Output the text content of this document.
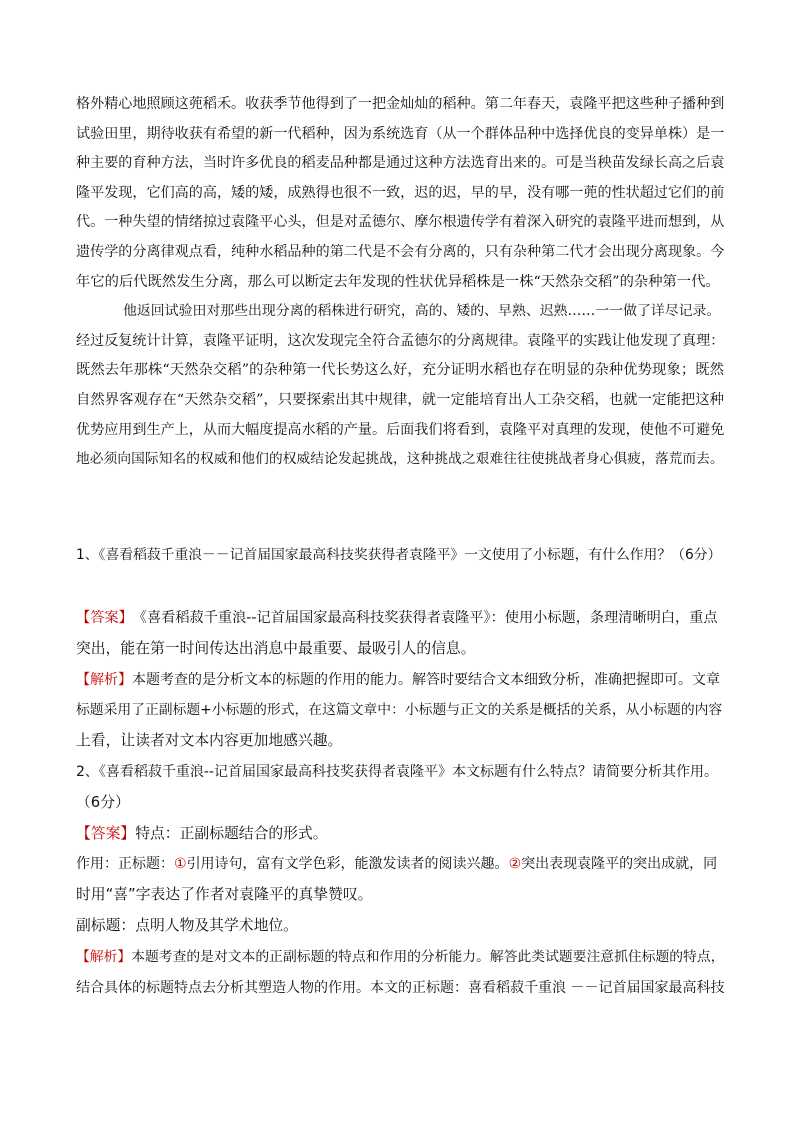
格 外 精 心 地 照 顾 这 蔸 稻 禾 。 收 获 季 节 他 得 到 了 一 把 金 灿 灿 的 稻 种 。 第 二 年 春 天 ， 袁 隆 平 把 这 些 种 子 播 种 到
试 验 田 里 ， 期 待 收 获 有 希 望 的 新 一 代 稻 种 ， 因 为 系 统 选 育 （ 从 一 个 群 体 品 种 中 选 择 优 良 的 变 异 单 株 ） 是 一
种 主 要 的 育 种 方 法 ， 当 时 许 多 优 良 的 稻 麦 品 种 都 是 通 过 这 种 方 法 选 育 出 来 的 。 可 是 当 秧 苗 发 绿 长 高 之 后 袁
隆 平 发 现 ， 它 们 高 的 高 ， 矮 的 矮 ， 成 熟 得 也 很 不 一 致 ， 迟 的 迟 ， 早 的 早 ， 没 有 哪 一 蔸 的 性 状 超 过 它 们 的 前
代 。 一 种 失 望 的 情 绪 掠 过 袁 隆 平 心 头 ， 但 是 对 孟 德 尔 、 摩 尔 根 遗 传 学 有 着 深 入 研 究 的 袁 隆 平 进 而 想 到 ， 从
遗 传 学 的 分 离 律 观 点 看 ， 纯 种 水 稻 品 种 的 第 二 代 是 不 会 有 分 离 的 ， 只 有 杂 种 第 二 代 才 会 出 现 分 离 现 象 。 今
年它的后代既然发生分离，那么可以断定去年发现的性状优异稻株是一株“天然杂交稻”的杂种第一代。
他返回试验田对那些出现分离的稻株进行研究，高的、矮的、早熟、迟熟……一一做了详尽记录。
经 过 反 复 统 计 计 算 ， 袁 隆 平 证 明 ， 这 次 发 现 完 全 符 合 孟 德 尔 的 分 离 规 律 。 袁 隆 平 的 实 践 让 他 发 现 了 真 理 ：
既 然 去 年 那 株 “ 天 然 杂 交 稻 ” 的 杂 种 第 一 代 长 势 这 么 好 ， 充 分 证 明 水 稻 也 存 在 明 显 的 杂 种 优 势 现 象 ； 既 然
自 然 界 客 观 存 在 “ 天 然 杂 交 稻 ” ， 只 要 探 索 出 其 中 规 律 ， 就 一 定 能 培 育 出 人 工 杂 交 稻 ， 也 就 一 定 能 把 这 种
优 势 应 用 到 生 产 上 ， 从 而 大 幅 度 提 高 水 稻 的 产 量 。 后 面 我 们 将 看 到 ， 袁 隆 平 对 真 理 的 发 现 ， 使 他 不 可 避 免
地 必 须 向 国 际 知 名 的 权 威 和 他 们 的 权 威 结 论 发 起 挑 战 ， 这 种 挑 战 之 艰 难 往 往 使 挑 战 者 身 心 俱 疲 ， 落 荒 而 去 。
1、《喜看稻菽千重浪－－记首届国家最高科技奖获得者袁隆平》一文使用了小标题，有什么作用？（6分）
【答案】 《喜看稻菽千重浪--记首届国家最高科技奖获得者袁隆平》：使用小标题，条理清晰明白，重点
突出，能在第一时间传达出消息中最重要、最吸引人的信息。
【解析】 本题考查的是分析文本的标题的作用的能力。解答时要结合文本细致分析，准确把握即可。文章
标题采用了正副标题+小标题的形式，在这篇文章中：小标题与正文的关系是概括的关系，从小标题的内容
上看，让读者对文本内容更加地感兴趣。
2、《喜看稻菽千重浪--记首届国家最高科技奖获得者袁隆平》本文标题有什么特点？请简要分析其作用。
（6分）
【答案】 特点：正副标题结合的形式。
作用：正标题： ①引用诗句，富有文学色彩，能激发读者的阅读兴趣。 ② 突出表现袁隆平的突出成就，同
时用“喜”字表达了作者对袁隆平的真挚赞叹。
副标题：点明人物及其学术地位。
【解析】 本题考查的是对文本的正副标题的特点和作用的分析能力。解答此类试题要注意抓住标题的特点，
结合具体的标题特点去分析其塑造人物的作用。本文的正标题：喜看稻菽千重浪 －－记首届国家最高科技
